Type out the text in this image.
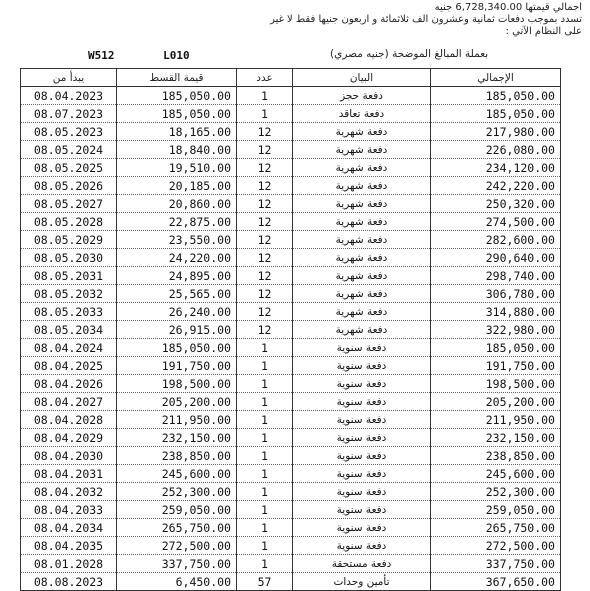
اجمالي قيمتها 6,728,340.00 جنيه
تسدد بموجب دفعات ثمانية وعشرون الف ثلاثمائة و اربعون جنيها فقط لا غير
على النظام الآتي :
W512	L010	بعملة المبالغ الموضحة (جنيه مصري)
يبدأ من	قيمة القسط	عدد	البيان	الإجمالي
08.04.2023	185,050.00	1	دفعة حجز	185,050.00
08.07.2023	185,050.00	1	دفعة تعاقد	185,050.00
08.05.2023	18,165.00	12	دفعة شهرية	217,980.00
08.05.2024	18,840.00	12	دفعة شهرية	226,080.00
08.05.2025	19,510.00	12	دفعة شهرية	234,120.00
08.05.2026	20,185.00	12	دفعة شهرية	242,220.00
08.05.2027	20,860.00	12	دفعة شهرية	250,320.00
08.05.2028	22,875.00	12	دفعة شهرية	274,500.00
08.05.2029	23,550.00	12	دفعة شهرية	282,600.00
08.05.2030	24,220.00	12	دفعة شهرية	290,640.00
08.05.2031	24,895.00	12	دفعة شهرية	298,740.00
08.05.2032	25,565.00	12	دفعة شهرية	306,780.00
08.05.2033	26,240.00	12	دفعة شهرية	314,880.00
08.05.2034	26,915.00	12	دفعة شهرية	322,980.00
08.04.2024	185,050.00	1	دفعة سنوية	185,050.00
08.04.2025	191,750.00	1	دفعة سنوية	191,750.00
08.04.2026	198,500.00	1	دفعة سنوية	198,500.00
08.04.2027	205,200.00	1	دفعة سنوية	205,200.00
08.04.2028	211,950.00	1	دفعة سنوية	211,950.00
08.04.2029	232,150.00	1	دفعة سنوية	232,150.00
08.04.2030	238,850.00	1	دفعة سنوية	238,850.00
08.04.2031	245,600.00	1	دفعة سنوية	245,600.00
08.04.2032	252,300.00	1	دفعة سنوية	252,300.00
08.04.2033	259,050.00	1	دفعة سنوية	259,050.00
08.04.2034	265,750.00	1	دفعة سنوية	265,750.00
08.04.2035	272,500.00	1	دفعة سنوية	272,500.00
08.01.2028	337,750.00	1	دفعة مستحقة	337,750.00
08.08.2023	6,450.00	57	تأمين وحدات	367,650.00
